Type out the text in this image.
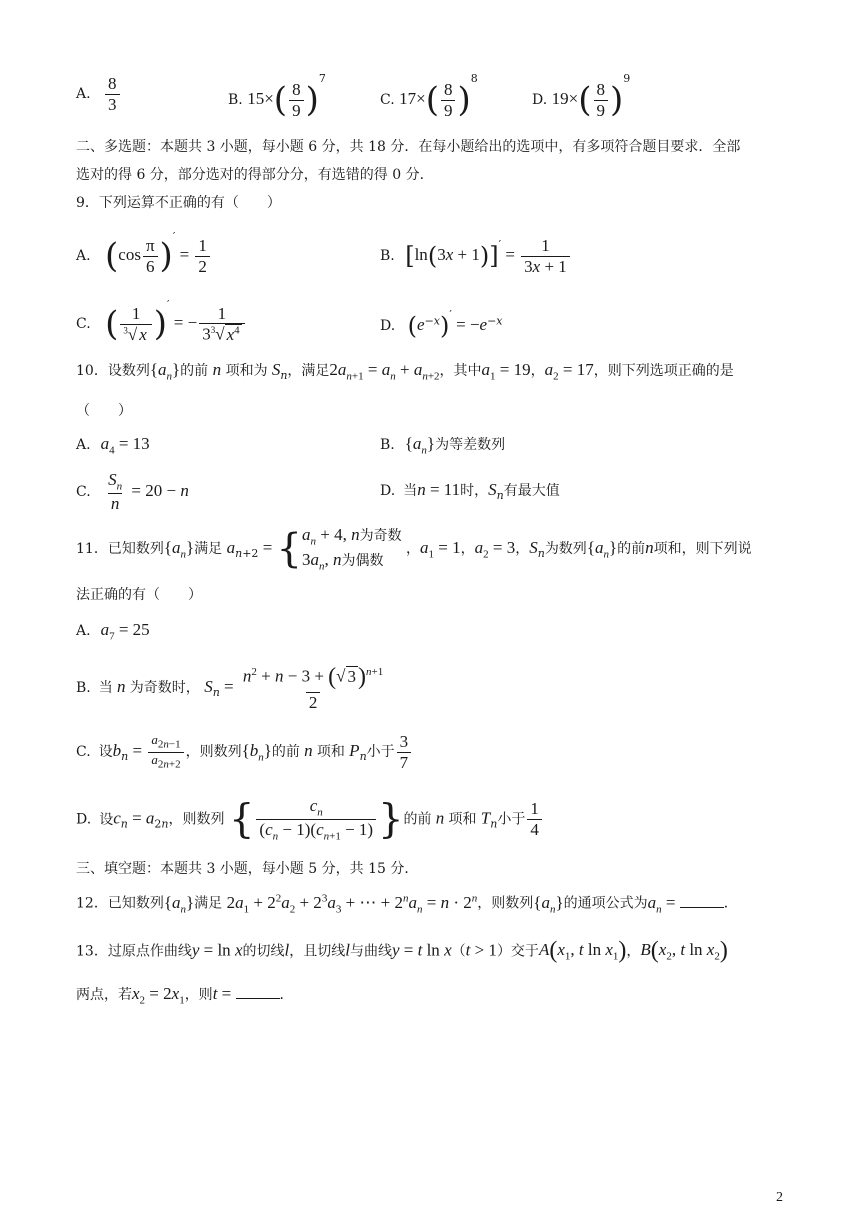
A. $\frac{8}{3}$	B. $15\times( \frac{8}{9} )^7$
C. $17\times( \frac{8}{9} )^8$
D. $19\times( \frac{8}{9} )^9$
二、多选题：本题共 3 小题，每小题 6 分，共 18 分．在每小题给出的选项中，有多项符合题目要求．全部
选对的得 6 分，部分选对的得部分分，有选错的得 0 分．
9．下列运算不正确的有（　　）
A. $(\cos \frac{\pi}{6} )' = \frac{1}{2}$	B. $[\ln(3x + 1)]' = \frac{1}{3x + 1}$
C. ( $\frac{1}{^3√ x} )'$ = − $\frac{1}{3^3√ x^4}$	D. $(e^{-x})' = -e^{-x}$
10．设数列$\{a_n\}$的前 n 项和为 $S_n$，满足$2a_{n+1} = a_n + a_{n+2}$，其中$a_1 = 19$，$a_2 = 17$，则下列选项正确的是
（　　）
A. $a_4 = 13$	B. $\{a_n\}$为等差数列
C. $\frac{S_n}{n} = 20 - n$	D. 当n = 11时，$S_n$有最大值
11．已知数列$\{a_n\}$满足 $a_{n+2}$ = { $a_n + 4$, n为奇数
$3a_n$, n为偶数
，$a_1 = 1$，$a_2 = 3$，$S_n$为数列$\{a_n\}$的前n项和，则下列说
法正确的有（　　）
A. $a_7 = 25$
B. 当 n 为奇数时， $S_n = \frac{n^2 + n - 3 + (√ 3)^{n+1}}{2}$
C. 设$b_n = \frac{a_{2n-1}}{a_{2n+2}}$ ，则数列$\{b_n\}$的前 n 项和 $P_n$小于 $\frac{3}{7}$
D. 设$c_n = a_{2n}$，则数列 { $\frac{c_n}{(c_n - 1)(c_{n+1} - 1)}$ }的前 n 项和 $T_n$小于 $\frac{1}{4}$
三、填空题：本题共 3 小题，每小题 5 分，共 15 分．
12．已知数列$\{a_n\}$满足 $2a_1 + 2^2a_2 + 2^3a_3$ + ⋯ + $2^na_n = n \cdot 2^n$，则数列$\{a_n\}$的通项公式为$a_n$ =	．
13．过原点作曲线y = ln x的切线l，且切线l与曲线y = t ln x（t > 1）交于$A(x_1$, t $\ln x_1$)，$B(x_2$, t $\ln x_2$)
两点，若$x_2 = 2x_1$，则t =	．
2
